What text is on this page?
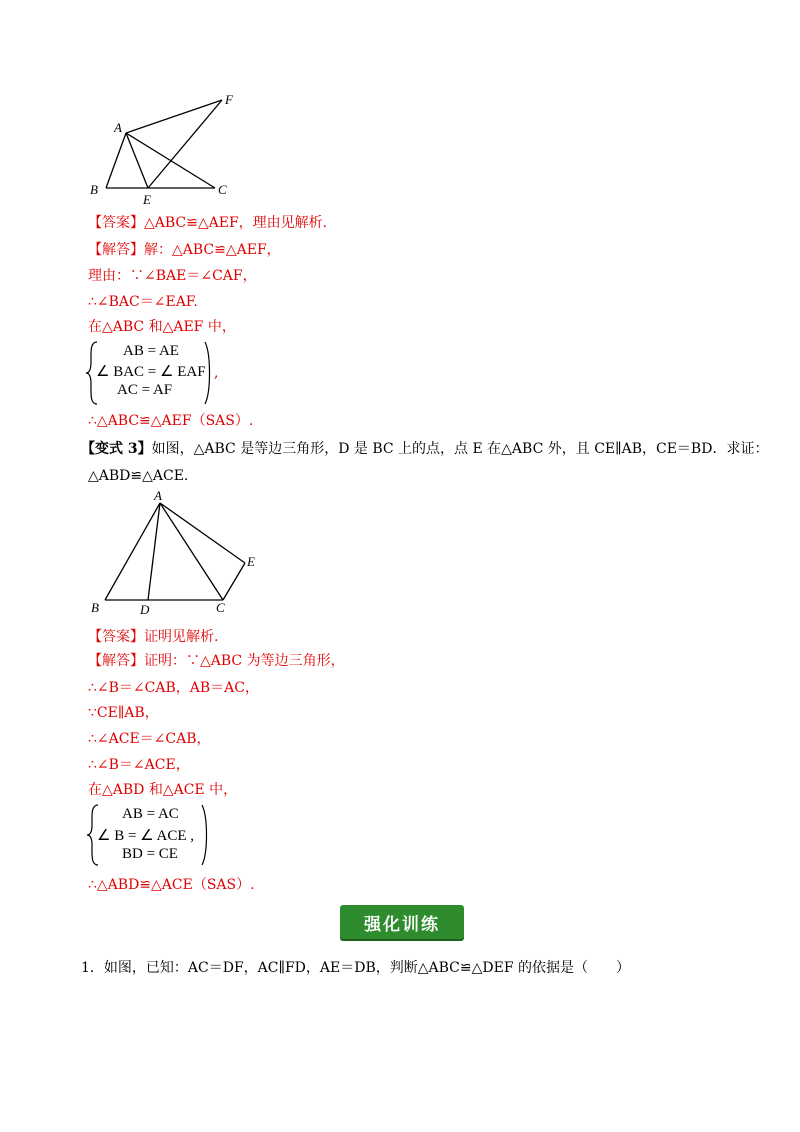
A
F
B
E
C
【答案】△ABC≌△AEF，理由见解析.
【解答】解：△ABC≌△AEF，
理由：∵∠BAE＝∠CAF，
∴∠BAC＝∠EAF.
在△ABC 和△AEF 中，
AB = AE
∠ BAC = ∠ EAF
AC = AF
,
∴△ABC≌△AEF（SAS）.
【变式 3】如图，△ABC 是等边三角形，D 是 BC 上的点，点 E 在△ABC 外，且 CE∥AB，CE＝BD．求证：
△ABD≌△ACE.
A
E
B	D	C
【答案】证明见解析.
【解答】证明：∵△ABC 为等边三角形，
∴∠B＝∠CAB，AB＝AC，
∵CE∥AB，
∴∠ACE＝∠CAB，
∴∠B＝∠ACE，
在△ABD 和△ACE 中，
AB = AC
∠ B = ∠ ACE ,
BD = CE
∴△ABD≌△ACE（SAS）.
强化训练
1．如图，已知：AC＝DF，AC∥FD，AE＝DB，判断△ABC≌△DEF 的依据是（　　）
